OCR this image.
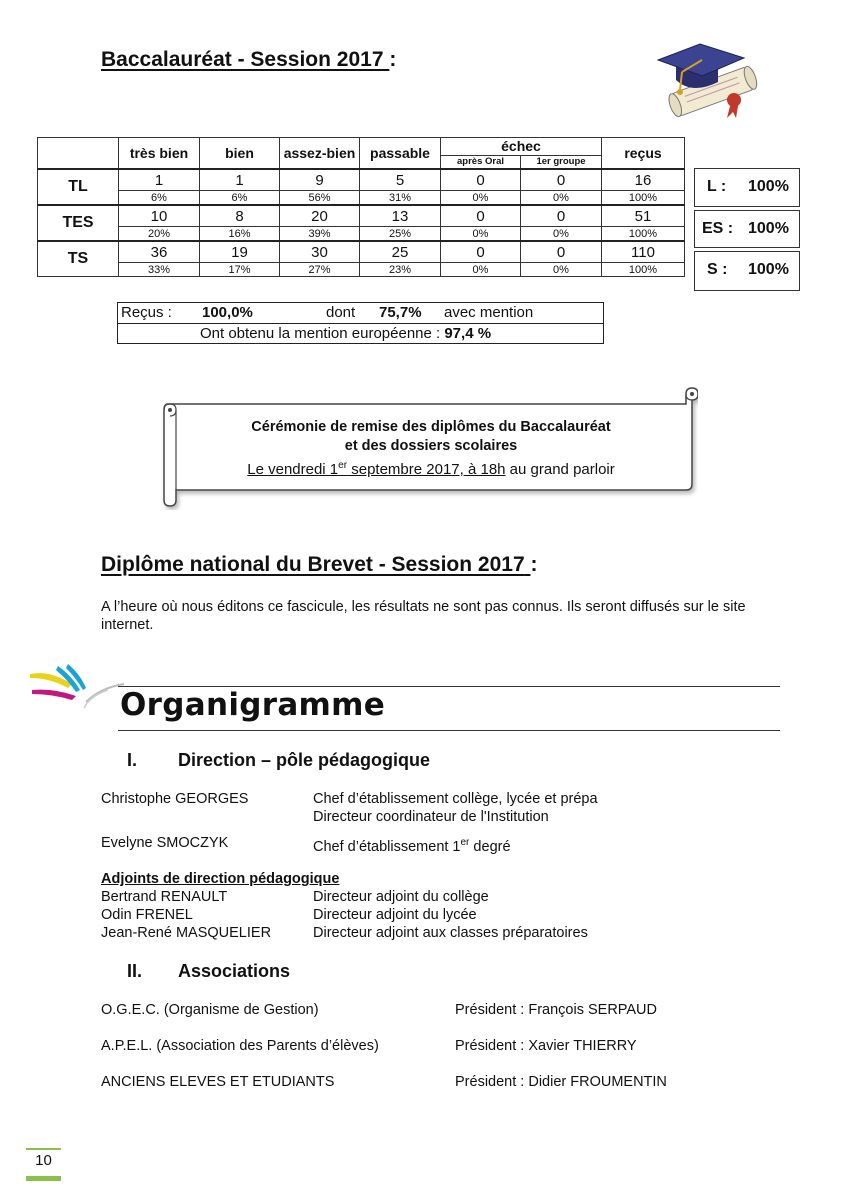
Baccalauréat - Session 2017 :
	très bien	bien	assez-bien	passable	échec		reçus
					après Oral	1er groupe	
TL	1	1	9	5	0	0	16
	6%	6%	56%	31%	0%	0%	100%
TES	10	8	20	13	0	0	51
	20%	16%	39%	25%	0%	0%	100%
TS	36	19	30	25	0	0	110
	33%	17%	27%	23%	0%	0%	100%
L : 100%
ES : 100%
S : 100%
Reçus : 100,0%	dont 75,7% avec mention
Ont obtenu la mention européenne : 97,4 %
Cérémonie de remise des diplômes du Baccalauréat
et des dossiers scolaires
Le vendredi 1er septembre 2017, à 18h au grand parloir
Diplôme national du Brevet - Session 2017 :
A l’heure où nous éditons ce fascicule, les résultats ne sont pas connus. Ils seront diffusés sur le site internet.
Organigramme
I. Direction – pôle pédagogique
Christophe GEORGES	Chef d’établissement collège, lycée et prépa
Directeur coordinateur de l'Institution
Evelyne SMOCZYK	Chef d’établissement 1er degré
Adjoints de direction pédagogique
Bertrand RENAULT	Directeur adjoint du collège
Odin FRENEL	Directeur adjoint du lycée
Jean-René MASQUELIER	Directeur adjoint aux classes préparatoires
II. Associations
O.G.E.C. (Organisme de Gestion)	Président : François SERPAUD
A.P.E.L. (Association des Parents d’élèves)	Président : Xavier THIERRY
ANCIENS ELEVES ET ETUDIANTS	Président : Didier FROUMENTIN
10
